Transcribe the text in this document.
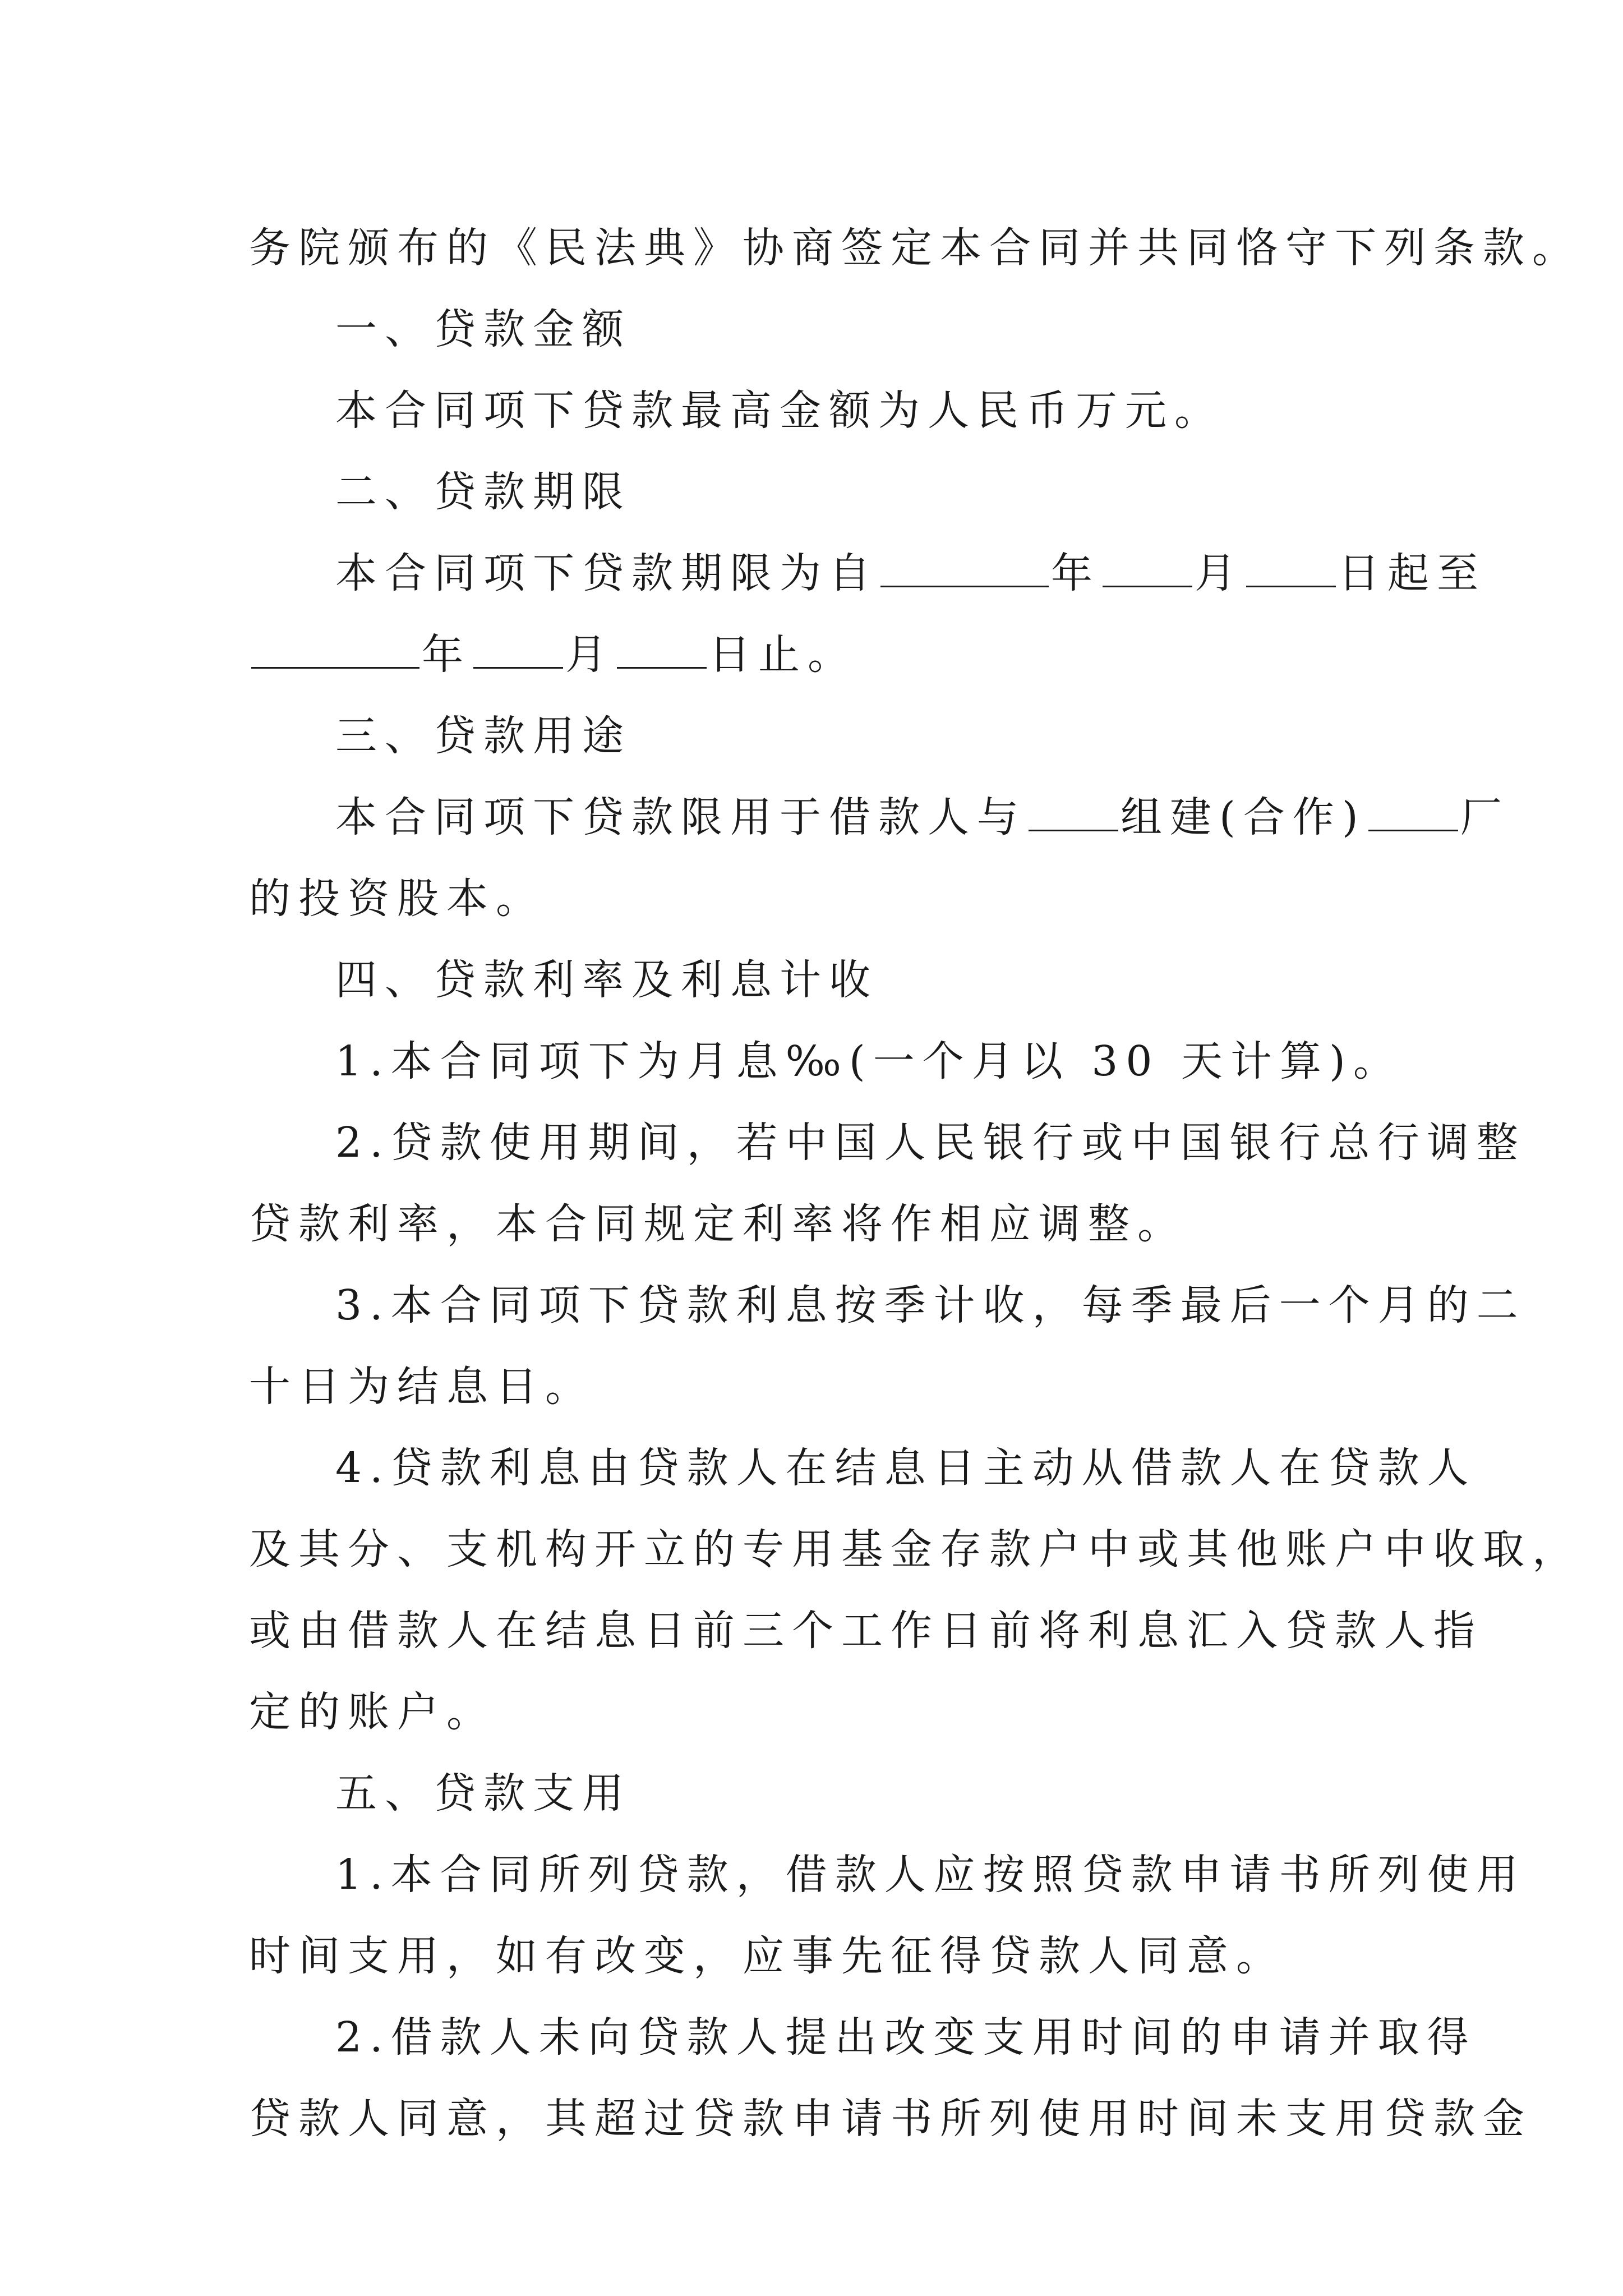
务院颁布的《民法典》协商签定本合同并共同恪守下列条款。

一、贷款金额

本合同项下贷款最高金额为人民币万元。

二、贷款期限

本合同项下贷款期限为自	年 月 日起至

年 月 日止。

三、贷款用途

本合同项下贷款限用于借款人与 组建(合作) 厂

的投资股本。

四、贷款利率及利息计收

1.本合同项下为月息‰(一个月以 30 天计算)。

2.贷款使用期间，若中国人民银行或中国银行总行调整

贷款利率，本合同规定利率将作相应调整。

3.本合同项下贷款利息按季计收，每季最后一个月的二

十日为结息日。

4.贷款利息由贷款人在结息日主动从借款人在贷款人

及其分、支机构开立的专用基金存款户中或其他账户中收取，

或由借款人在结息日前三个工作日前将利息汇入贷款人指

定的账户。

五、贷款支用

1.本合同所列贷款，借款人应按照贷款申请书所列使用

时间支用，如有改变，应事先征得贷款人同意。

2.借款人未向贷款人提出改变支用时间的申请并取得

贷款人同意，其超过贷款申请书所列使用时间未支用贷款金
